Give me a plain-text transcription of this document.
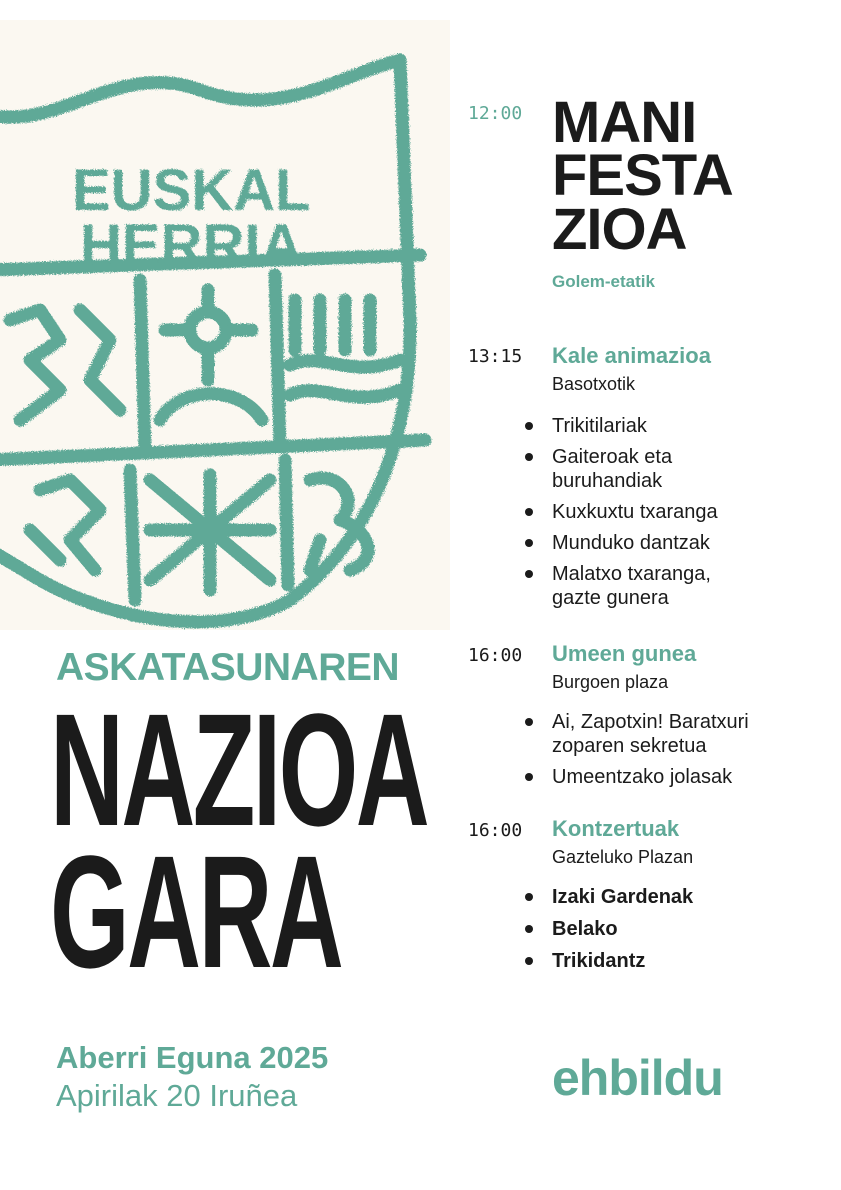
EUSKAL
HERRIA

ASKATASUNAREN

NAZIOA

GARA

Aberri Eguna 2025

Apirilak 20 Iruñea	ehbildu

12:00 MANI
FESTA
ZIOA

Golem-etatik

13:15 Kale animazioa

Basotxotik

Trikitilariak
Gaiteroak eta buruhandiak
Kuxkuxtu txaranga
Munduko dantzak
Malatxo txaranga, gazte gunera

16:00 Umeen gunea

Burgoen plaza

Ai, Zapotxin! Baratxuri zoparen sekretua
Umeentzako jolasak

16:00 Kontzertuak

Gazteluko Plazan

Izaki Gardenak
Belako
Trikidantz
